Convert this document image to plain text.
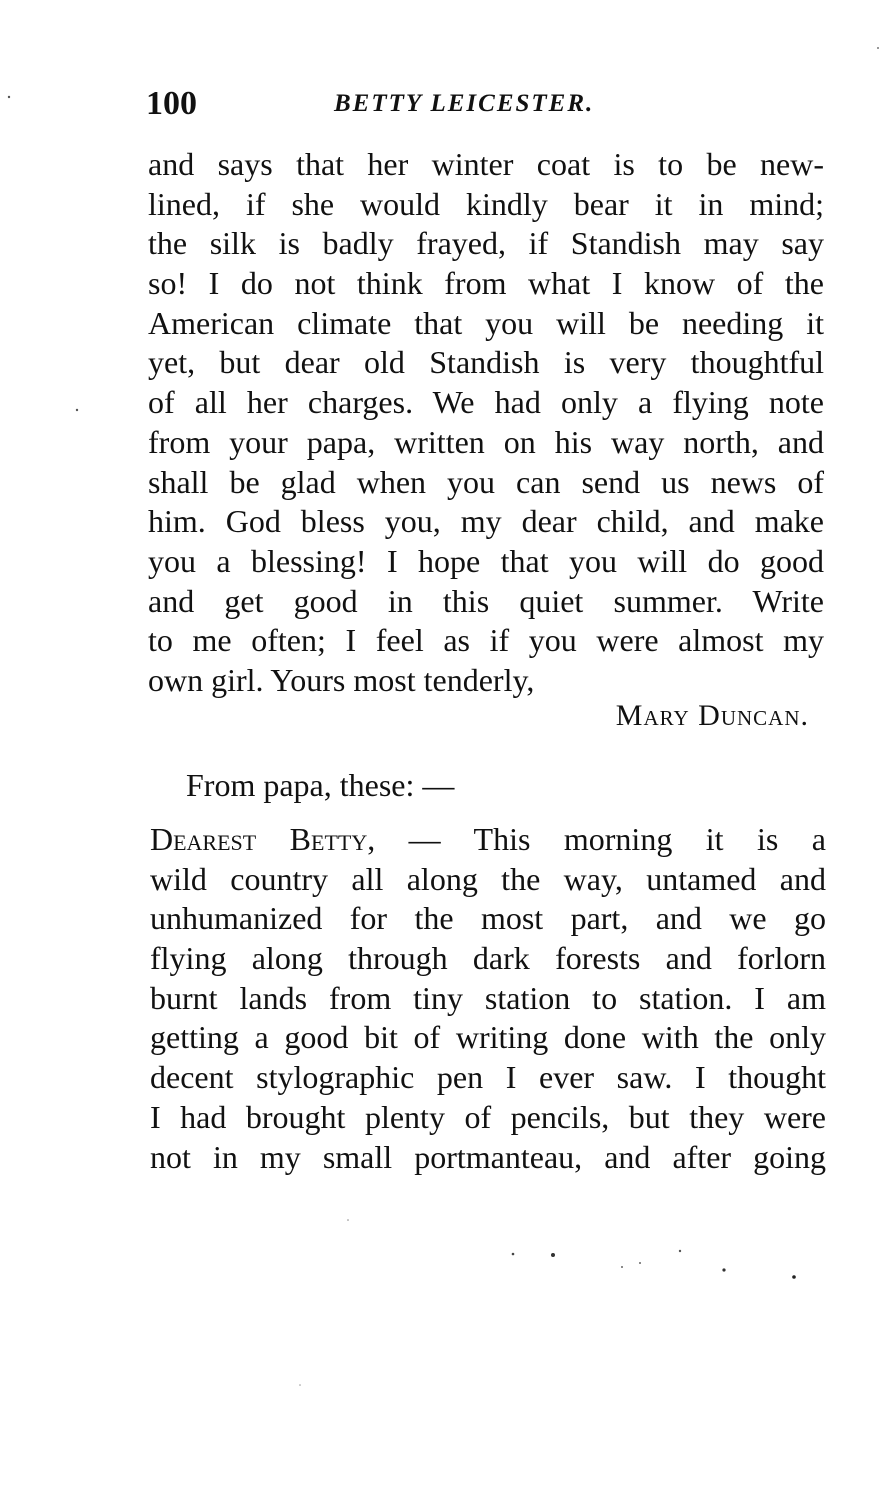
100	BETTY LEICESTER.
and says that her winter coat is to be new-
lined, if she would kindly bear it in mind;
the silk is badly frayed, if Standish may say
so! I do not think from what I know of the
American climate that you will be needing it
yet, but dear old Standish is very thoughtful
of all her charges. We had only a flying note
from your papa, written on his way north, and
shall be glad when you can send us news of
him. God bless you, my dear child, and make
you a blessing! I hope that you will do good
and get good in this quiet summer. Write
to me often; I feel as if you were almost my
own girl. Yours most tenderly,
Mary Duncan.
From papa, these: —
Dearest Betty, — This morning it is a
wild country all along the way, untamed and
unhumanized for the most part, and we go
flying along through dark forests and forlorn
burnt lands from tiny station to station. I am
getting a good bit of writing done with the only
decent stylographic pen I ever saw. I thought
I had brought plenty of pencils, but they were
not in my small portmanteau, and after going
